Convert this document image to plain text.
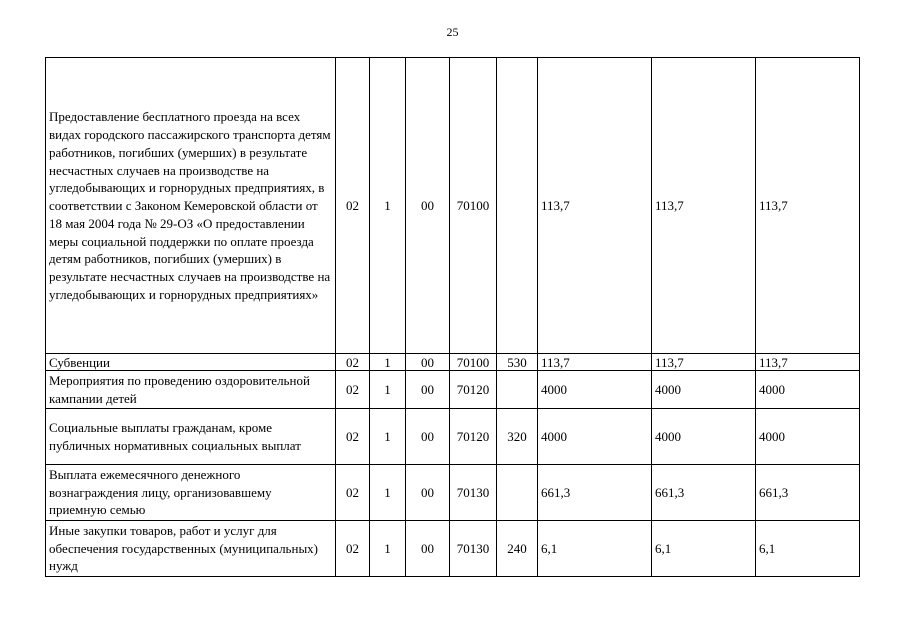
25
Предоставление бесплатного проезда на всех видах городского пассажирского транспорта детям работников, погибших (умерших) в результате несчастных случаев на производстве на угледобывающих и горнорудных предприятиях, в соответствии с Законом Кемеровской области от 18 мая 2004 года № 29-ОЗ «О предоставлении меры социальной поддержки по оплате проезда детям работников, погибших (умерших) в результате несчастных случаев на производстве на угледобывающих и горнорудных предприятиях»	02	1	00	70100		113,7	113,7	113,7
Субвенции	02	1	00	70100	530	113,7	113,7	113,7
Мероприятия по проведению оздоровительной кампании детей	02	1	00	70120		4000	4000	4000
Социальные выплаты гражданам, кроме публичных нормативных социальных выплат	02	1	00	70120	320	4000	4000	4000
Выплата ежемесячного денежного вознаграждения лицу, организовавшему приемную семью	02	1	00	70130		661,3	661,3	661,3
Иные закупки товаров, работ и услуг для обеспечения государственных (муниципальных) нужд	02	1	00	70130	240	6,1	6,1	6,1
